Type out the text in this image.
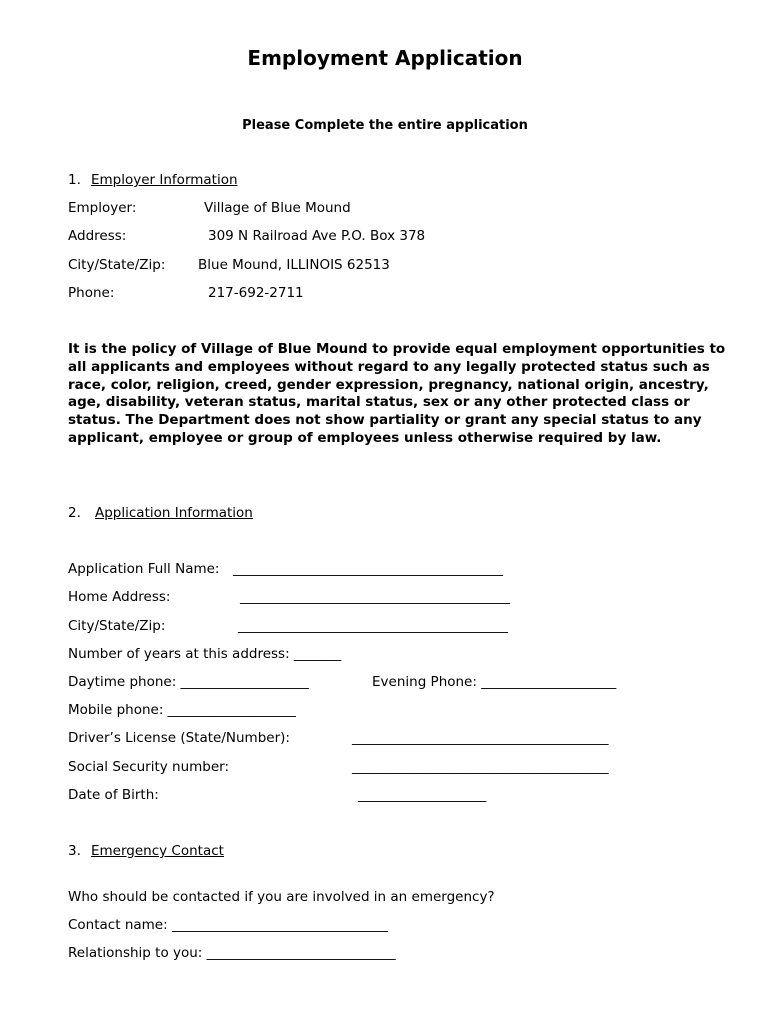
Employment Application
Please Complete the entire application
1. Employer Information
Employer:	Village of Blue Mound
Address:	309 N Railroad Ave P.O. Box 378
City/State/Zip: Blue Mound, ILLINOIS 62513
Phone:	217-692-2711
It is the policy of Village of Blue Mound to provide equal employment opportunities to all applicants and employees without regard to any legally protected status such as race, color, religion, creed, gender expression, pregnancy, national origin, ancestry, age, disability, veteran status, marital status, sex or any other protected class or status. The Department does not show partiality or grant any special status to any applicant, employee or group of employees unless otherwise required by law.
2. Application Information
Application Full Name: ________________________________________
Home Address:	________________________________________
City/State/Zip:	________________________________________
Number of years at this address: _______
Daytime phone: ___________________	Evening Phone: ____________________
Mobile phone: ___________________
Driver’s License (State/Number):	______________________________________
Social Security number:	______________________________________
Date of Birth:	___________________
3. Emergency Contact
Who should be contacted if you are involved in an emergency?
Contact name: ________________________________
Relationship to you: ____________________________
